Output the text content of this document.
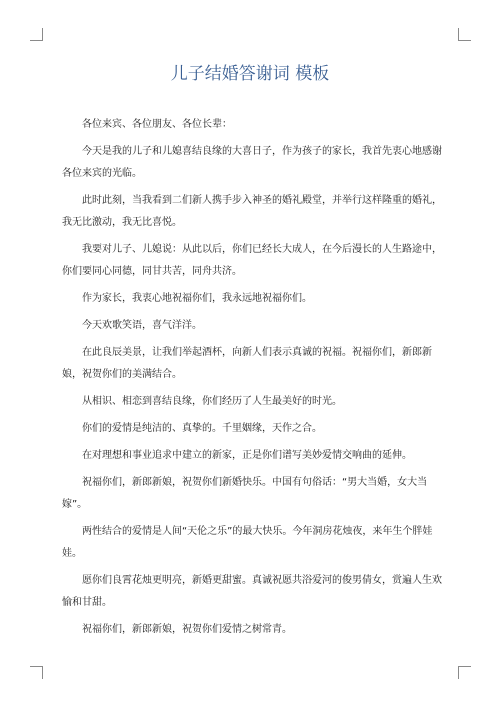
儿子结婚答谢词 模板

各位来宾、各位朋友、各位长辈：

今天是我的儿子和儿媳喜结良缘的大喜日子，作为孩子的家长，我首先衷心地感谢各位来宾的光临。

此时此刻，当我看到二们新人携手步入神圣的婚礼殿堂，并举行这样隆重的婚礼，我无比激动，我无比喜悦。

我要对儿子、儿媳说：从此以后，你们已经长大成人，在今后漫长的人生路途中，你们要同心同德，同甘共苦，同舟共济。

作为家长，我衷心地祝福你们，我永远地祝福你们。

今天欢歌笑语，喜气洋洋。

在此良辰美景，让我们举起酒杯，向新人们表示真诚的祝福。祝福你们，新郎新娘，祝贺你们的美满结合。

从相识、相恋到喜结良缘，你们经历了人生最美好的时光。

你们的爱情是纯洁的、真挚的。千里姻缘，天作之合。

在对理想和事业追求中建立的新家，正是你们谱写美妙爱情交响曲的延伸。

祝福你们，新郎新娘，祝贺你们新婚快乐。中国有句俗话：“男大当婚，女大当嫁”。

两性结合的爱情是人间“天伦之乐”的最大快乐。今年洞房花烛夜，来年生个胖娃娃。

愿你们良霄花烛更明亮，新婚更甜蜜。真诚祝愿共浴爱河的俊男倩女，赏遍人生欢愉和甘甜。

祝福你们，新郎新娘，祝贺你们爱情之树常青。
